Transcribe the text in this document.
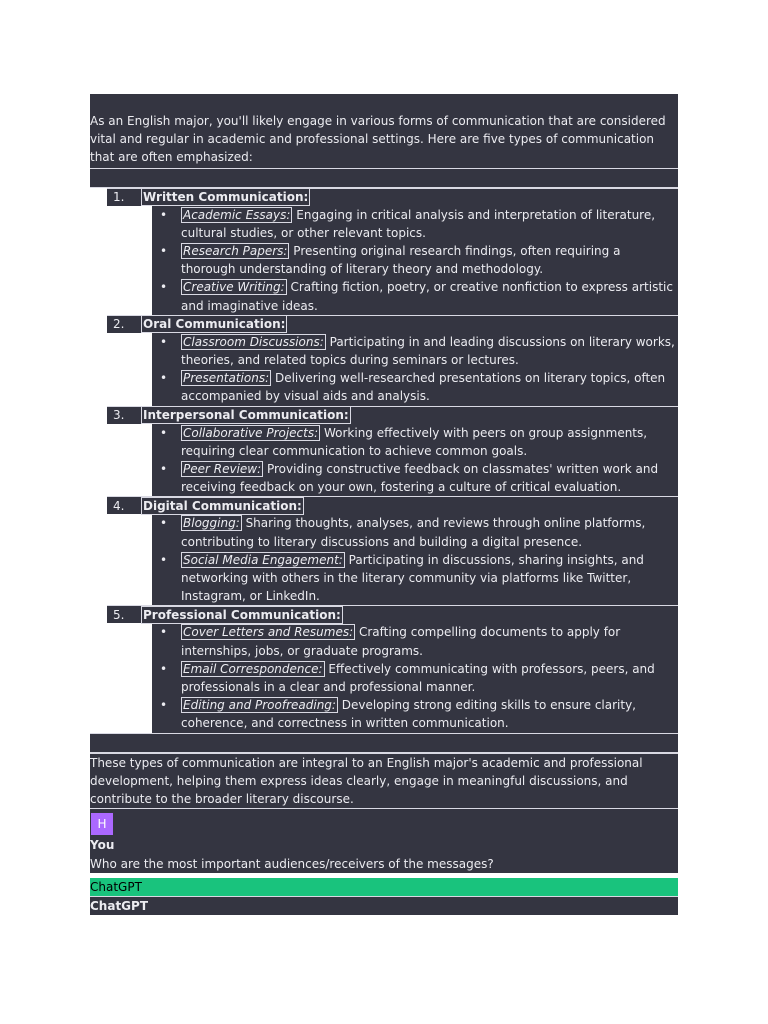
As an English major, you'll likely engage in various forms of communication that are considered vital and regular in academic and professional settings. Here are five types of communication that are often emphasized:

1.	Written Communication:
• Academic Essays: Engaging in critical analysis and interpretation of literature, cultural studies, or other relevant topics.
• Research Papers: Presenting original research findings, often requiring a thorough understanding of literary theory and methodology.
• Creative Writing: Crafting fiction, poetry, or creative nonfiction to express artistic and imaginative ideas.
2.	Oral Communication:
• Classroom Discussions: Participating in and leading discussions on literary works, theories, and related topics during seminars or lectures.
• Presentations: Delivering well-researched presentations on literary topics, often accompanied by visual aids and analysis.
3.	Interpersonal Communication:
• Collaborative Projects: Working effectively with peers on group assignments, requiring clear communication to achieve common goals.
• Peer Review: Providing constructive feedback on classmates' written work and receiving feedback on your own, fostering a culture of critical evaluation.
4.	Digital Communication:
• Blogging: Sharing thoughts, analyses, and reviews through online platforms, contributing to literary discussions and building a digital presence.
• Social Media Engagement: Participating in discussions, sharing insights, and networking with others in the literary community via platforms like Twitter, Instagram, or LinkedIn.
5.	Professional Communication:
• Cover Letters and Resumes: Crafting compelling documents to apply for internships, jobs, or graduate programs.
• Email Correspondence: Effectively communicating with professors, peers, and professionals in a clear and professional manner.
• Editing and Proofreading: Developing strong editing skills to ensure clarity, coherence, and correctness in written communication.

These types of communication are integral to an English major's academic and professional development, helping them express ideas clearly, engage in meaningful discussions, and contribute to the broader literary discourse.

H
You
Who are the most important audiences/receivers of the messages?
ChatGPT
ChatGPT
